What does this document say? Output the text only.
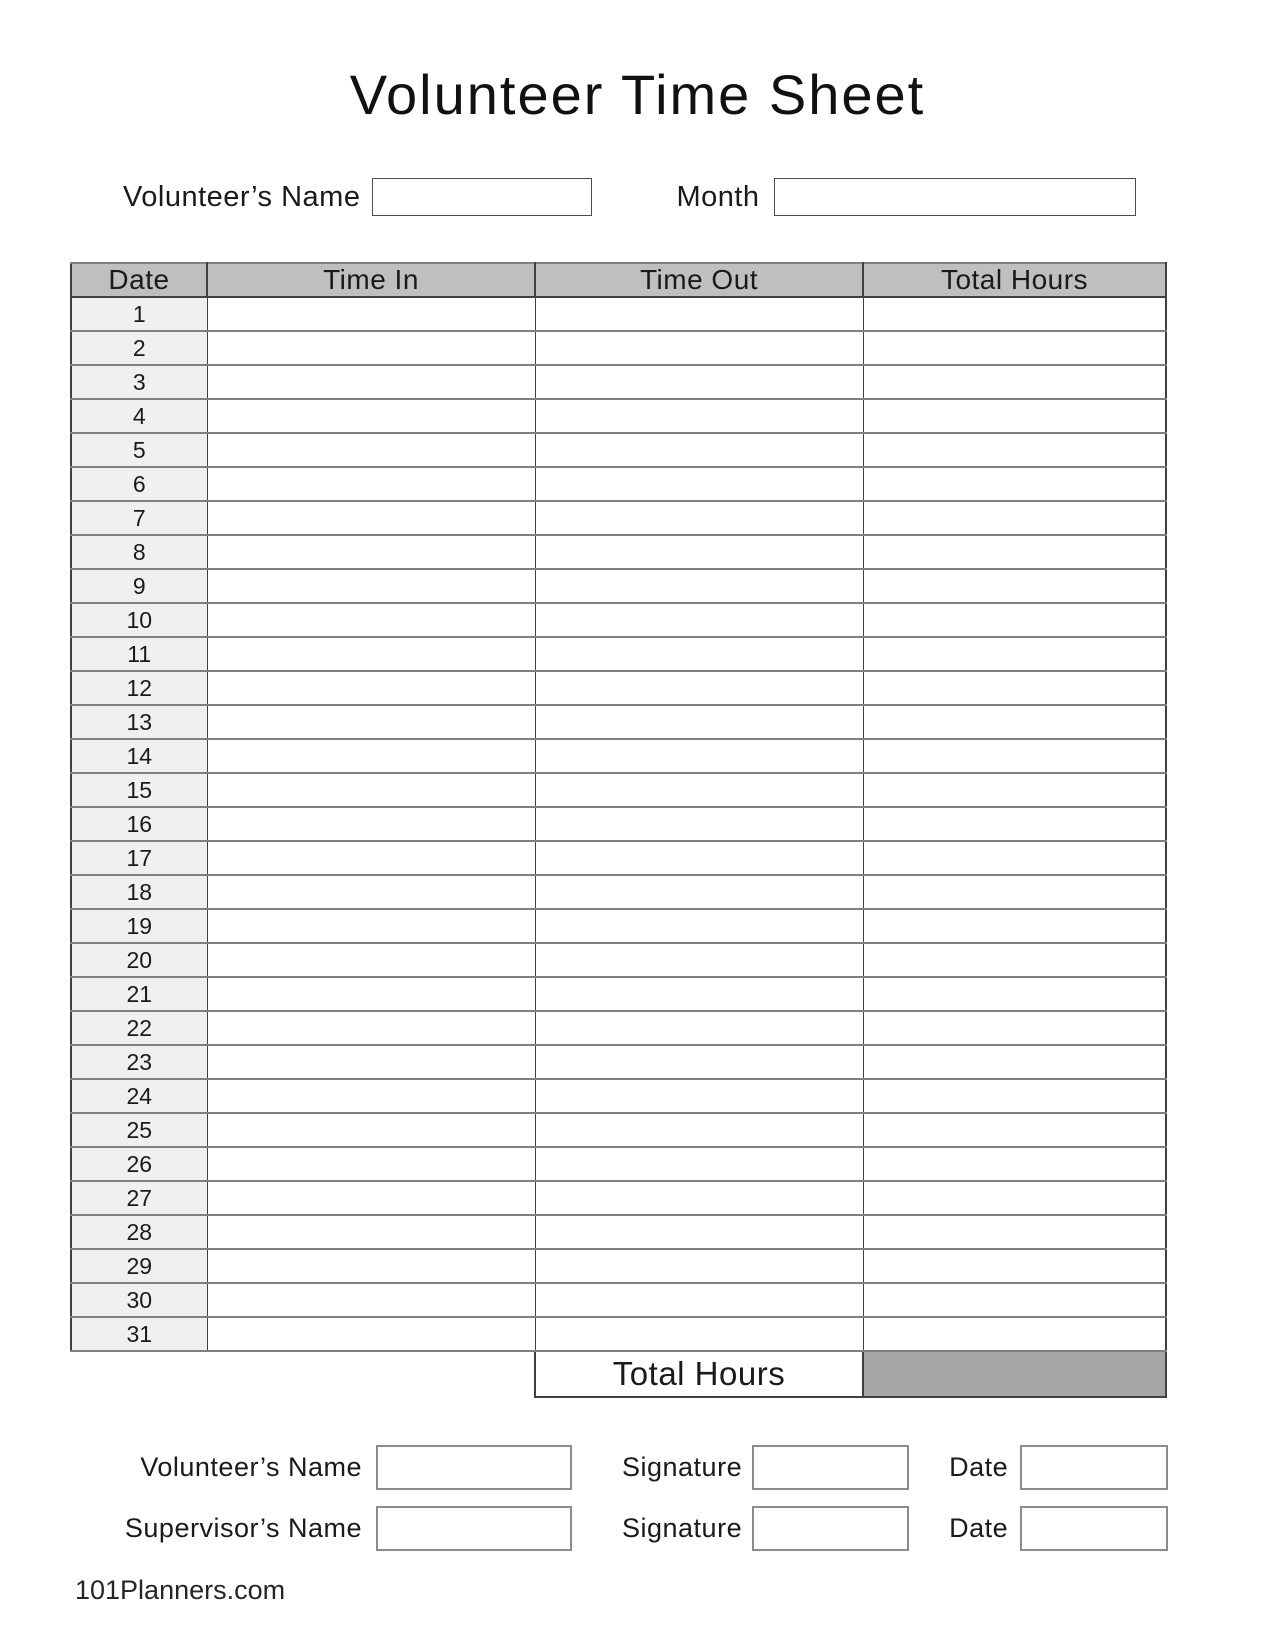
Volunteer Time Sheet
Volunteer’s Name	Month
Date	Time In	Time Out	Total Hours
1			
2			
3			
4			
5			
6			
7			
8			
9			
10			
11			
12			
13			
14			
15			
16			
17			
18			
19			
20			
21			
22			
23			
24			
25			
26			
27			
28			
29			
30			
31			
		Total Hours	
Volunteer’s Name	Signature	Date
Supervisor’s Name	Signature	Date
101Planners.com
